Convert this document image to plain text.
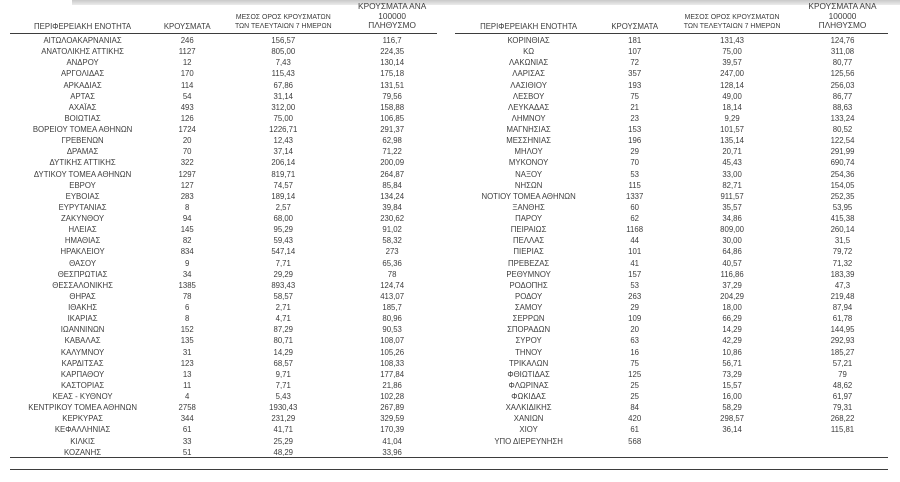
ΠΕΡΙΦΕΡΕΙΑΚΗ ΕΝΟΤΗΤΑ	ΚΡΟΥΣΜΑΤΑ
ΜΕΣΟΣ ΟΡΟΣ ΚΡΟΥΣΜΑΤΩΝ
ΤΩΝ ΤΕΛΕΥΤΑΙΩΝ 7 ΗΜΕΡΩΝ
ΚΡΟΥΣΜΑΤΑ ΑΝΑ 100000
ΠΛΗΘΥΣΜΟ
ΑΙΤΩΛΟΑΚΑΡΝΑΝΙΑΣ	246	156,57	116,7
ΑΝΑΤΟΛΙΚΗΣ ΑΤΤΙΚΗΣ	1127	805,00	224,35
ΑΝΔΡΟΥ	12	7,43	130,14
ΑΡΓΟΛΙΔΑΣ	170	115,43	175,18
ΑΡΚΑΔΙΑΣ	114	67,86	131,51
ΑΡΤΑΣ	54	31,14	79,56
ΑΧΑΪΑΣ	493	312,00	158,88
ΒΟΙΩΤΙΑΣ	126	75,00	106,85
ΒΟΡΕΙΟΥ ΤΟΜΕΑ ΑΘΗΝΩΝ	1724	1226,71	291,37
ΓΡΕΒΕΝΩΝ	20	12,43	62,98
ΔΡΑΜΑΣ	70	37,14	71,22
ΔΥΤΙΚΗΣ ΑΤΤΙΚΗΣ	322	206,14	200,09
ΔΥΤΙΚΟΥ ΤΟΜΕΑ ΑΘΗΝΩΝ	1297	819,71	264,87
ΕΒΡΟΥ	127	74,57	85,84
ΕΥΒΟΙΑΣ	283	189,14	134,24
ΕΥΡΥΤΑΝΙΑΣ	8	2,57	39,84
ΖΑΚΥΝΘΟΥ	94	68,00	230,62
ΗΛΕΙΑΣ	145	95,29	91,02
ΗΜΑΘΙΑΣ	82	59,43	58,32
ΗΡΑΚΛΕΙΟΥ	834	547,14	273
ΘΑΣΟΥ	9	7,71	65,36
ΘΕΣΠΡΩΤΙΑΣ	34	29,29	78
ΘΕΣΣΑΛΟΝΙΚΗΣ	1385	893,43	124,74
ΘΗΡΑΣ	78	58,57	413,07
ΙΘΑΚΗΣ	6	2,71	185,7
ΙΚΑΡΙΑΣ	8	4,71	80,96
ΙΩΑΝΝΙΝΩΝ	152	87,29	90,53
ΚΑΒΑΛΑΣ	135	80,71	108,07
ΚΑΛΥΜΝΟΥ	31	14,29	105,26
ΚΑΡΔΙΤΣΑΣ	123	68,57	108,33
ΚΑΡΠΑΘΟΥ	13	9,71	177,84
ΚΑΣΤΟΡΙΑΣ	11	7,71	21,86
ΚΕΑΣ - ΚΥΘΝΟΥ	4	5,43	102,28
ΚΕΝΤΡΙΚΟΥ ΤΟΜΕΑ ΑΘΗΝΩΝ	2758	1930,43	267,89
ΚΕΡΚΥΡΑΣ	344	231,29	329,59
ΚΕΦΑΛΛΗΝΙΑΣ	61	41,71	170,39
ΚΙΛΚΙΣ	33	25,29	41,04
ΚΟΖΑΝΗΣ	51	48,29	33,96
ΠΕΡΙΦΕΡΕΙΑΚΗ ΕΝΟΤΗΤΑ	ΚΡΟΥΣΜΑΤΑ
ΜΕΣΟΣ ΟΡΟΣ ΚΡΟΥΣΜΑΤΩΝ
ΤΩΝ ΤΕΛΕΥΤΑΙΩΝ 7 ΗΜΕΡΩΝ
ΚΡΟΥΣΜΑΤΑ ΑΝΑ 100000
ΠΛΗΘΥΣΜΟ
ΚΟΡΙΝΘΙΑΣ	181	131,43	124,76
ΚΩ	107	75,00	311,08
ΛΑΚΩΝΙΑΣ	72	39,57	80,77
ΛΑΡΙΣΑΣ	357	247,00	125,56
ΛΑΣΙΘΙΟΥ	193	128,14	256,03
ΛΕΣΒΟΥ	75	49,00	86,77
ΛΕΥΚΑΔΑΣ	21	18,14	88,63
ΛΗΜΝΟΥ	23	9,29	133,24
ΜΑΓΝΗΣΙΑΣ	153	101,57	80,52
ΜΕΣΣΗΝΙΑΣ	196	135,14	122,54
ΜΗΛΟΥ	29	20,71	291,99
ΜΥΚΟΝΟΥ	70	45,43	690,74
ΝΑΞΟΥ	53	33,00	254,36
ΝΗΣΩΝ	115	82,71	154,05
ΝΟΤΙΟΥ ΤΟΜΕΑ ΑΘΗΝΩΝ	1337	911,57	252,35
ΞΑΝΘΗΣ	60	35,57	53,95
ΠΑΡΟΥ	62	34,86	415,38
ΠΕΙΡΑΙΩΣ	1168	809,00	260,14
ΠΕΛΛΑΣ	44	30,00	31,5
ΠΙΕΡΙΑΣ	101	64,86	79,72
ΠΡΕΒΕΖΑΣ	41	40,57	71,32
ΡΕΘΥΜΝΟΥ	157	116,86	183,39
ΡΟΔΟΠΗΣ	53	37,29	47,3
ΡΟΔΟΥ	263	204,29	219,48
ΣΑΜΟΥ	29	18,00	87,94
ΣΕΡΡΩΝ	109	66,29	61,78
ΣΠΟΡΑΔΩΝ	20	14,29	144,95
ΣΥΡΟΥ	63	42,29	292,93
ΤΗΝΟΥ	16	10,86	185,27
ΤΡΙΚΑΛΩΝ	75	56,71	57,21
ΦΘΙΩΤΙΔΑΣ	125	73,29	79
ΦΛΩΡΙΝΑΣ	25	15,57	48,62
ΦΩΚΙΔΑΣ	25	16,00	61,97
ΧΑΛΚΙΔΙΚΗΣ	84	58,29	79,31
ΧΑΝΙΩΝ	420	298,57	268,22
ΧΙΟΥ	61	36,14	115,81
ΥΠΟ ΔΙΕΡΕΥΝΗΣΗ	568
